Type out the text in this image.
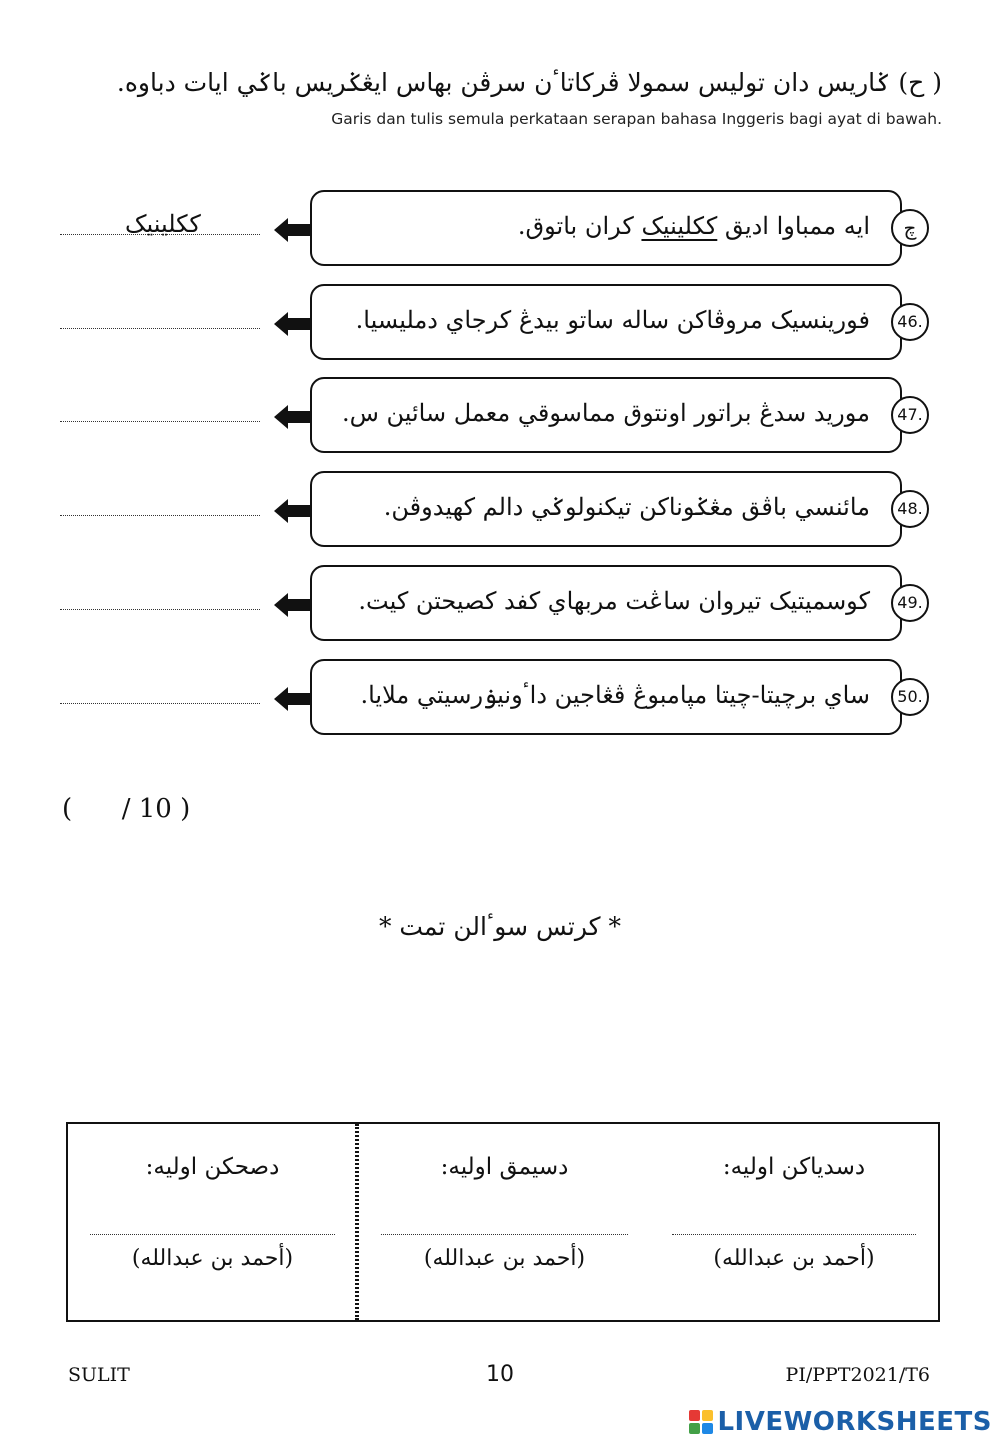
( ح) ݢاريس دان توليس سمولا ڤركاتاٴن سرڤن بهاس ايڠݢريس باݢي ايات دباوه.
Garis dan tulis semula perkataan serapan bahasa Inggeris bagi ayat di bawah.
ككلينيک	ايه ممباوا اديق ككلينيک كران باتوق.	چ
فورينسيک مروڤاکن ساله ساتو بيدڠ کرجاي دمليسيا.	46.
موريد سدڠ براتور اونتوق مماسوقي معمل سائين س.	47.
مائنسي باڤق مڠݢوناکن تيکنولوݢي دالم کهيدوڤن.	48.
کوسميتيک تيروان ساڠت مربهاي کفد کصيحتن کيت.	49.
ساي برچيتا-چيتا مپامبوڠ ڤڠاجين داٴونيۏرسيتي ملايا.	50.
(      / 10 )
* کرتس سوٴالن تمت *
دسدياکن اوليه:
(أحمد بن عبدالله)
دسيمق اوليه:
(أحمد بن عبدالله)
دصحکن اوليه:
(أحمد بن عبدالله)
SULIT	10	PI/PPT2021/T6
LIVEWORKSHEETS
